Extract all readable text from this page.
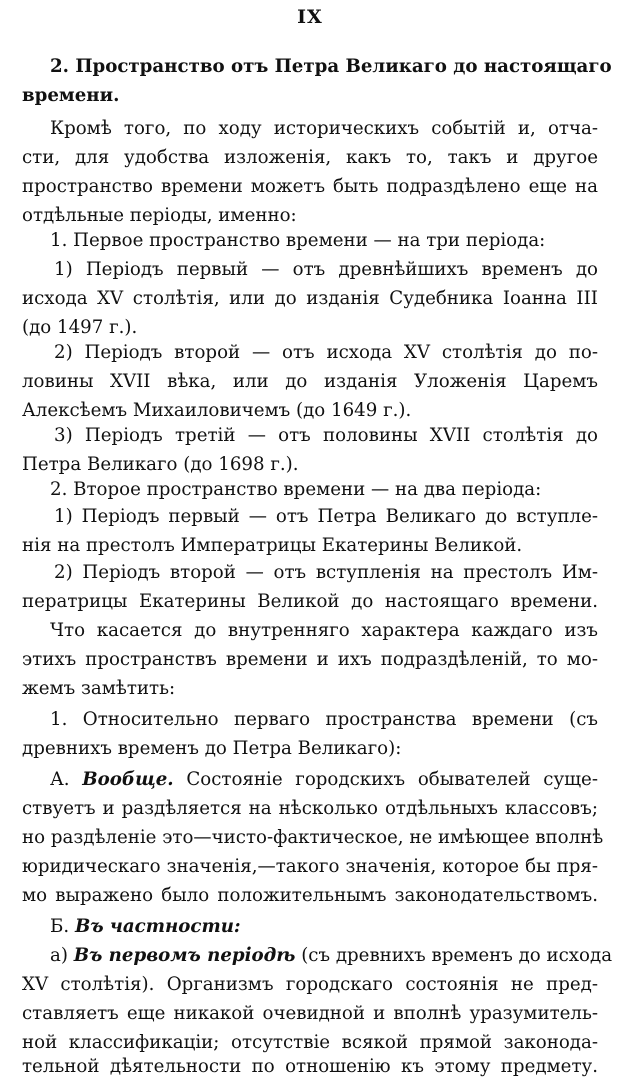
IX
2. Пространство отъ Петра Великаго до настоящаго
времени.
Кромѣ того, по ходу историческихъ событій и, отча-
сти, для удобства изложенія, какъ то, такъ и другое
пространство времени можетъ быть подраздѣлено еще на
отдѣльные періоды, именно:
1. Первое пространство времени — на три періода:
1) Періодъ первый — отъ древнѣйшихъ временъ до
исхода XV столѣтія, или до изданія Судебника Іоанна III
(до 1497 г.).
2) Періодъ второй — отъ исхода XV столѣтія до по-
ловины XVII вѣка, или до изданія Уложенія Царемъ
Алексѣемъ Михаиловичемъ (до 1649 г.).
3) Періодъ третій — отъ половины XVII столѣтія до
Петра Великаго (до 1698 г.).
2. Второе пространство времени — на два періода:
1) Періодъ первый — отъ Петра Великаго до вступле-
нія на престолъ Императрицы Екатерины Великой.
2) Періодъ второй — отъ вступленія на престолъ Им-
ператрицы Екатерины Великой до настоящаго времени.
Что касается до внутренняго характера каждаго изъ
этихъ пространствъ времени и ихъ подраздѣленій, то мо-
жемъ замѣтить:
1. Относительно перваго пространства времени (съ
древнихъ временъ до Петра Великаго):
А. Вообще. Состояніе городскихъ обывателей суще-
ствуетъ и раздѣляется на нѣсколько отдѣльныхъ классовъ;
но раздѣленіе это—чисто-фактическое, не имѣющее вполнѣ
юридическаго значенія,—такого значенія, которое бы пря-
мо выражено было положительнымъ законодательствомъ.
Б. Въ частности:
а) Въ первомъ періодѣ (съ древнихъ временъ до исхода
XV столѣтія). Организмъ городскаго состоянія не пред-
ставляетъ еще никакой очевидной и вполнѣ уразумитель-
ной классификаціи; отсутствіе всякой прямой законода-
тельной дѣятельности по отношенію къ этому предмету.
